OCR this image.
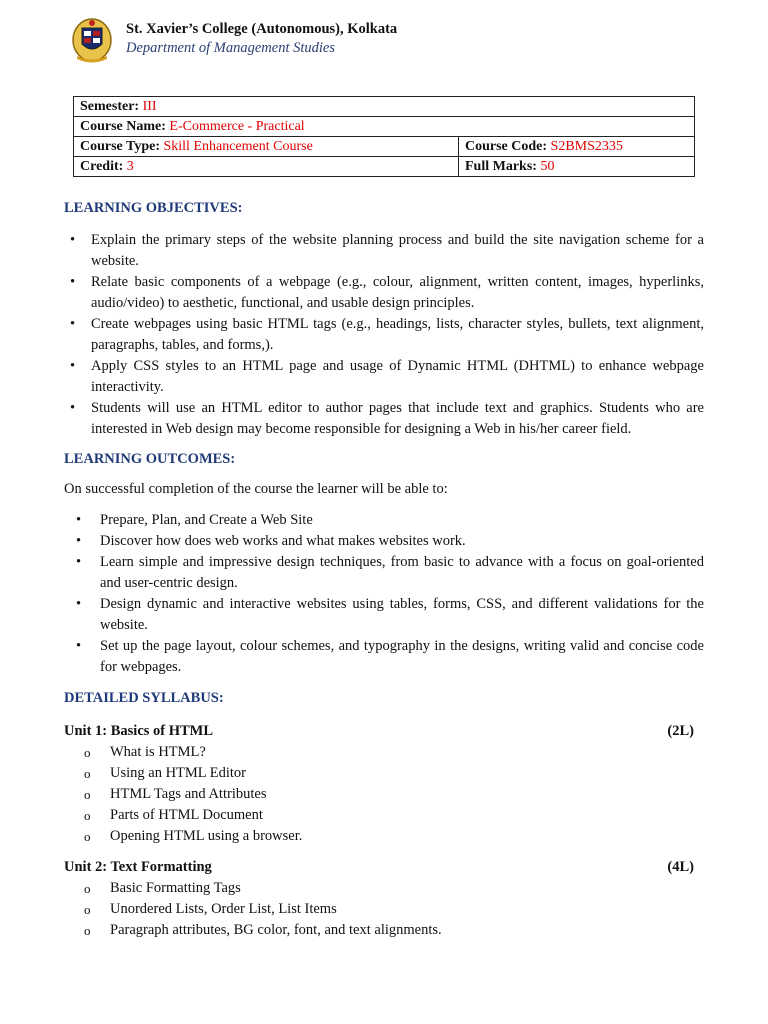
St. Xavier’s College (Autonomous), Kolkata
Department of Management Studies
Semester: III	
Course Name: E-Commerce - Practical	
Course Type: Skill Enhancement Course	Course Code: S2BMS2335
Credit: 3	Full Marks: 50
LEARNING OBJECTIVES:
• Explain the primary steps of the website planning process and build the site navigation scheme for a website.
• Relate basic components of a webpage (e.g., colour, alignment, written content, images, hyperlinks, audio/video) to aesthetic, functional, and usable design principles.
• Create webpages using basic HTML tags (e.g., headings, lists, character styles, bullets, text alignment, paragraphs, tables, and forms,).
• Apply CSS styles to an HTML page and usage of Dynamic HTML (DHTML) to enhance webpage interactivity.
• Students will use an HTML editor to author pages that include text and graphics. Students who are interested in Web design may become responsible for designing a Web in his/her career field.
LEARNING OUTCOMES:

On successful completion of the course the learner will be able to:

• Prepare, Plan, and Create a Web Site
• Discover how does web works and what makes websites work.
• Learn simple and impressive design techniques, from basic to advance with a focus on goal-oriented and user-centric design.
• Design dynamic and interactive websites using tables, forms, CSS, and different validations for the website.
• Set up the page layout, colour schemes, and typography in the designs, writing valid and concise code for webpages.
DETAILED SYLLABUS:
Unit 1: Basics of HTML	(2L)
o What is HTML?
o Using an HTML Editor
o HTML Tags and Attributes
o Parts of HTML Document
o Opening HTML using a browser.
Unit 2: Text Formatting	(4L)
o Basic Formatting Tags
o Unordered Lists, Order List, List Items
o Paragraph attributes, BG color, font, and text alignments.
